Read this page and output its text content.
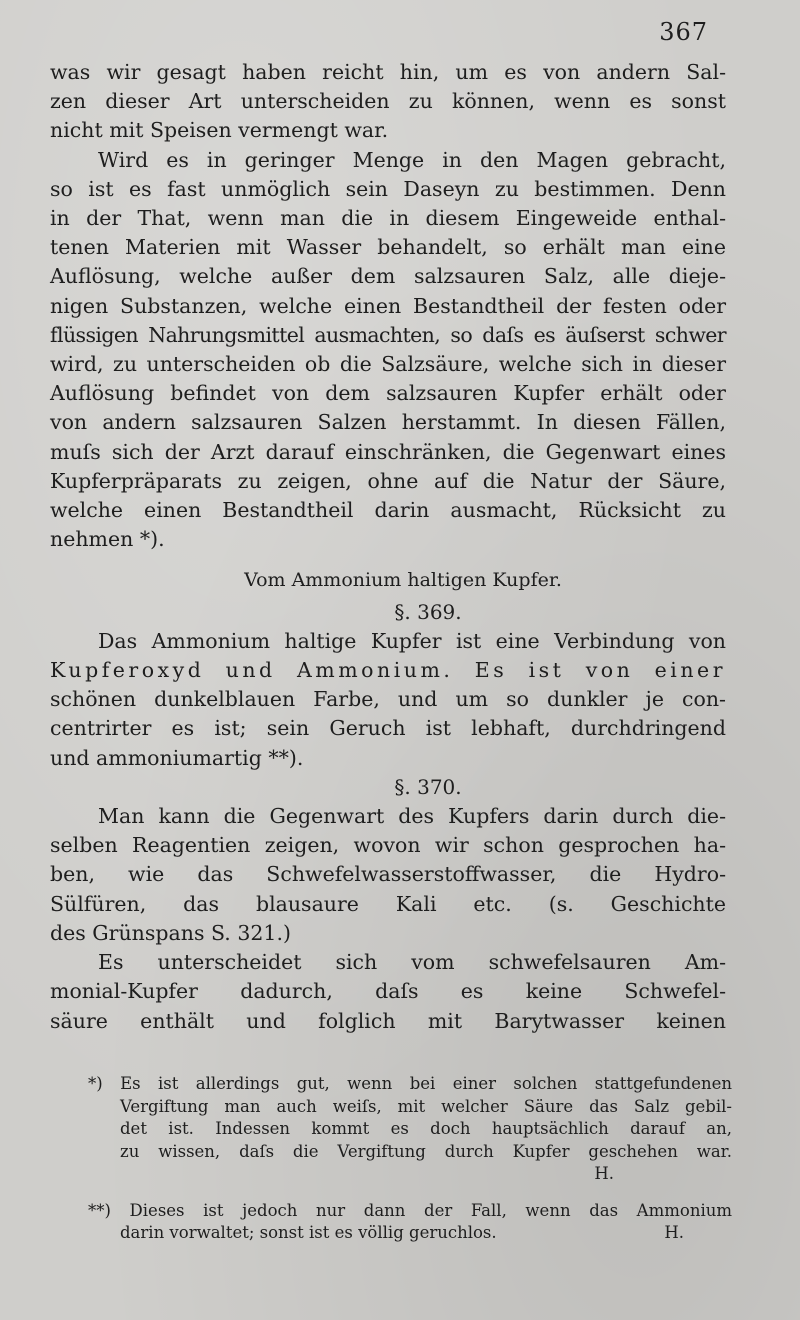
367
was wir gesagt haben reicht hin, um es von andern Sal-
zen dieser Art unterscheiden zu können, wenn es sonst
nicht mit Speisen vermengt war.
Wird es in geringer Menge in den Magen gebracht,
so ist es fast unmöglich sein Daseyn zu bestimmen. Denn
in der That, wenn man die in diesem Eingeweide enthal-
tenen Materien mit Wasser behandelt, so erhält man eine
Auflösung, welche außer dem salzsauren Salz, alle dieje-
nigen Substanzen, welche einen Bestandtheil der festen oder
flüssigen Nahrungsmittel ausmachten, so daſs es äuſserst schwer
wird, zu unterscheiden ob die Salzsäure, welche sich in dieser
Auflösung befindet von dem salzsauren Kupfer erhält oder
von andern salzsauren Salzen herstammt. In diesen Fällen,
muſs sich der Arzt darauf einschränken, die Gegenwart eines
Kupferpräparats zu zeigen, ohne auf die Natur der Säure,
welche einen Bestandtheil darin ausmacht, Rücksicht zu
nehmen *).
Vom Ammonium haltigen Kupfer.
§. 369.
Das Ammonium haltige Kupfer ist eine Verbindung von
Kupferoxyd und Ammonium. Es ist von einer
schönen dunkelblauen Farbe, und um so dunkler je con-
centrirter es ist; sein Geruch ist lebhaft, durchdringend
und ammoniumartig **).
§. 370.
Man kann die Gegenwart des Kupfers darin durch die-
selben Reagentien zeigen, wovon wir schon gesprochen ha-
ben, wie das Schwefelwasserstoffwasser, die Hydro-
Sülfüren, das blausaure Kali etc. (s. Geschichte
des Grünspans S. 321.)
Es unterscheidet sich vom schwefelsauren Am-
monial-Kupfer dadurch, daſs es keine Schwefel-
säure enthält und folglich mit Barytwasser keinen
*) Es ist allerdings gut, wenn bei einer solchen stattgefundenen
Vergiftung man auch weiſs, mit welcher Säure das Salz gebil-
det ist. Indessen kommt es doch hauptsächlich darauf an,
zu wissen, daſs die Vergiftung durch Kupfer geschehen war.
H.
**) Dieses ist jedoch nur dann der Fall, wenn das Ammonium
darin vorwaltet; sonst ist es völlig geruchlos.	H.
